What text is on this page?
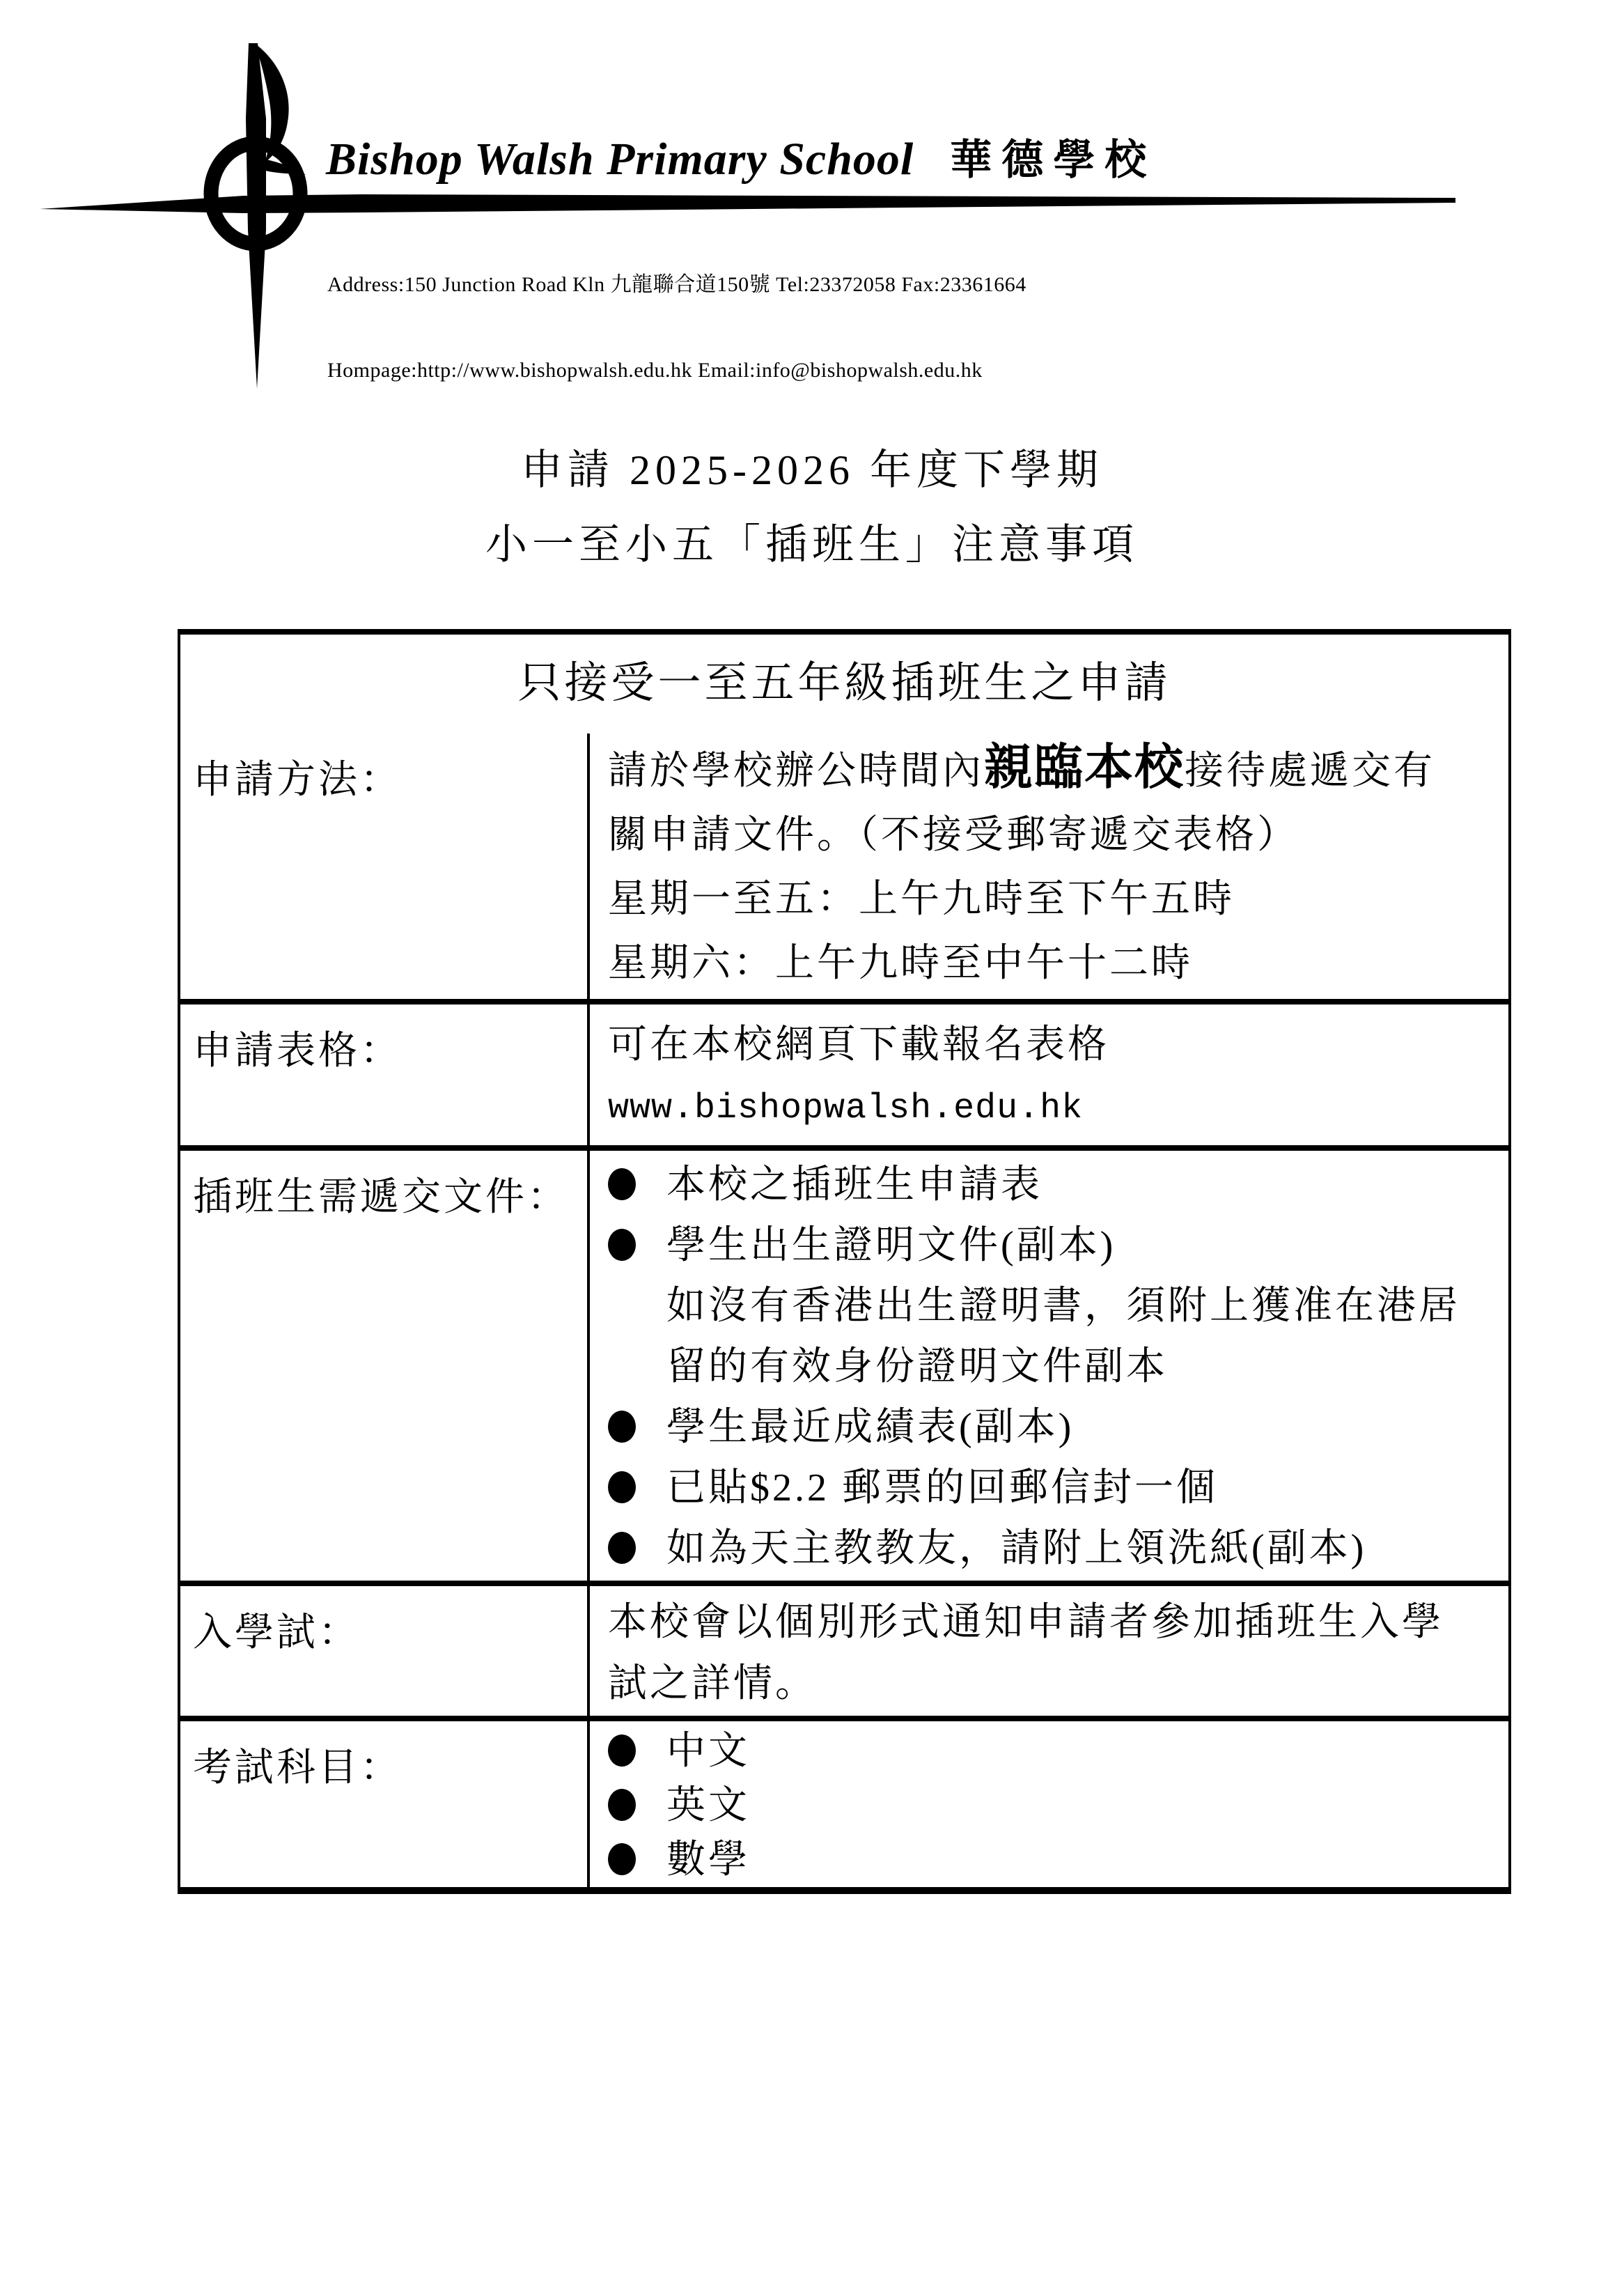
Bishop Walsh Primary School 華德學校

Address:150 Junction Road Kln 九龍聯合道150號 Tel:23372058 Fax:23361664

Hompage:http://www.bishopwalsh.edu.hk Email:info@bishopwalsh.edu.hk

申請 2025-2026 年度下學期
小一至小五「插班生」注意事項
只接受一至五年級插班生之申請
申請方法：	請於學校辦公時間內親臨本校接待處遞交有
關申請文件。（不接受郵寄遞交表格）
星期一至五：上午九時至下午五時
星期六：上午九時至中午十二時
申請表格：	可在本校網頁下載報名表格
www.bishopwalsh.edu.hk
插班生需遞交文件：	本校之插班生申請表
學生出生證明文件(副本)
如沒有香港出生證明書，須附上獲准在港居
留的有效身份證明文件副本
學生最近成績表(副本)
已貼$2.2 郵票的回郵信封一個
如為天主教教友，請附上領洗紙(副本)
入學試：	本校會以個別形式通知申請者參加插班生入學
試之詳情。
考試科目：	中文
英文
數學
